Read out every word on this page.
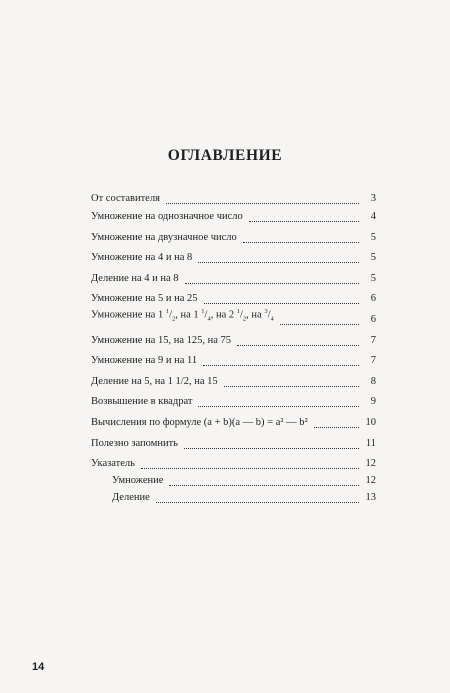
ОГЛАВЛЕНИЕ
От составителя	3
Умножение на однозначное число	4
Умножение на двузначное число	5
Умножение на 4 и на 8	5
Деление на 4 и на 8	5
Умножение на 5 и на 25	6
Умножение на 1 $^1/_2$, на 1 $^1/_4$, на 2 $^1/_2$, на $^3/_4$	6
Умножение на 15, на 125, на 75	7
Умножение на 9 и на 11	7
Деление на 5, на 1 1/2, на 15	8
Возвышение в квадрат	9
Вычисления по формуле (a + b)(a — b) = a² — b²	10
Полезно запомнить	11
Указатель	12
Умножение	12
Деление	13
14
